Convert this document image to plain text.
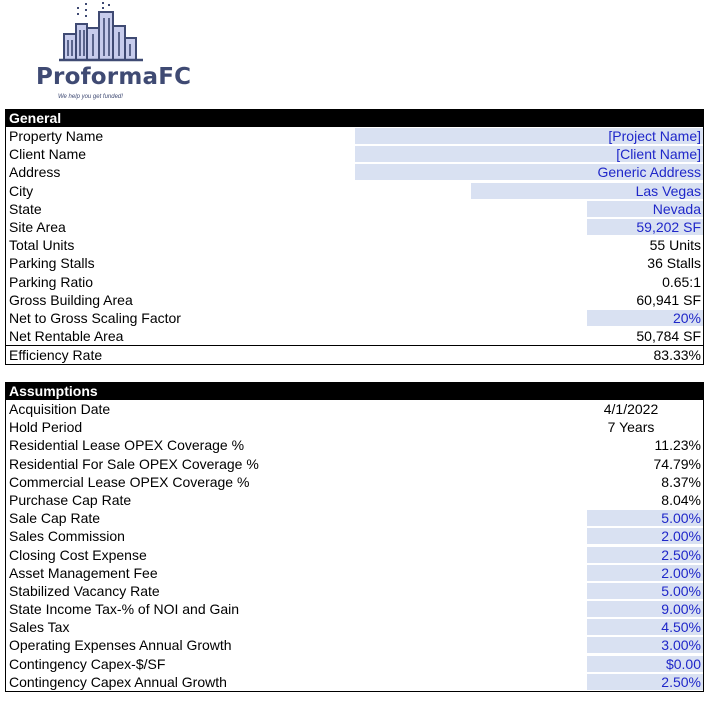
ProformaFC
We help you get funded!
General
Property Name	[Project Name]
Client Name	[Client Name]
Address	Generic Address
City	Las Vegas
State	Nevada
Site Area	59,202 SF
Total Units	55 Units
Parking Stalls	36 Stalls
Parking Ratio	0.65:1
Gross Building Area	60,941 SF
Net to Gross Scaling Factor	20%
Net Rentable Area	50,784 SF
Efficiency Rate	83.33%
Assumptions
Acquisition Date	4/1/2022
Hold Period	7 Years
Residential Lease OPEX Coverage %	11.23%
Residential For Sale OPEX Coverage %	74.79%
Commercial Lease OPEX Coverage %	8.37%
Purchase Cap Rate	8.04%
Sale Cap Rate	5.00%
Sales Commission	2.00%
Closing Cost Expense	2.50%
Asset Management Fee	2.00%
Stabilized Vacancy Rate	5.00%
State Income Tax-% of NOI and Gain	9.00%
Sales Tax	4.50%
Operating Expenses Annual Growth	3.00%
Contingency Capex-$/SF	$0.00
Contingency Capex Annual Growth	2.50%
